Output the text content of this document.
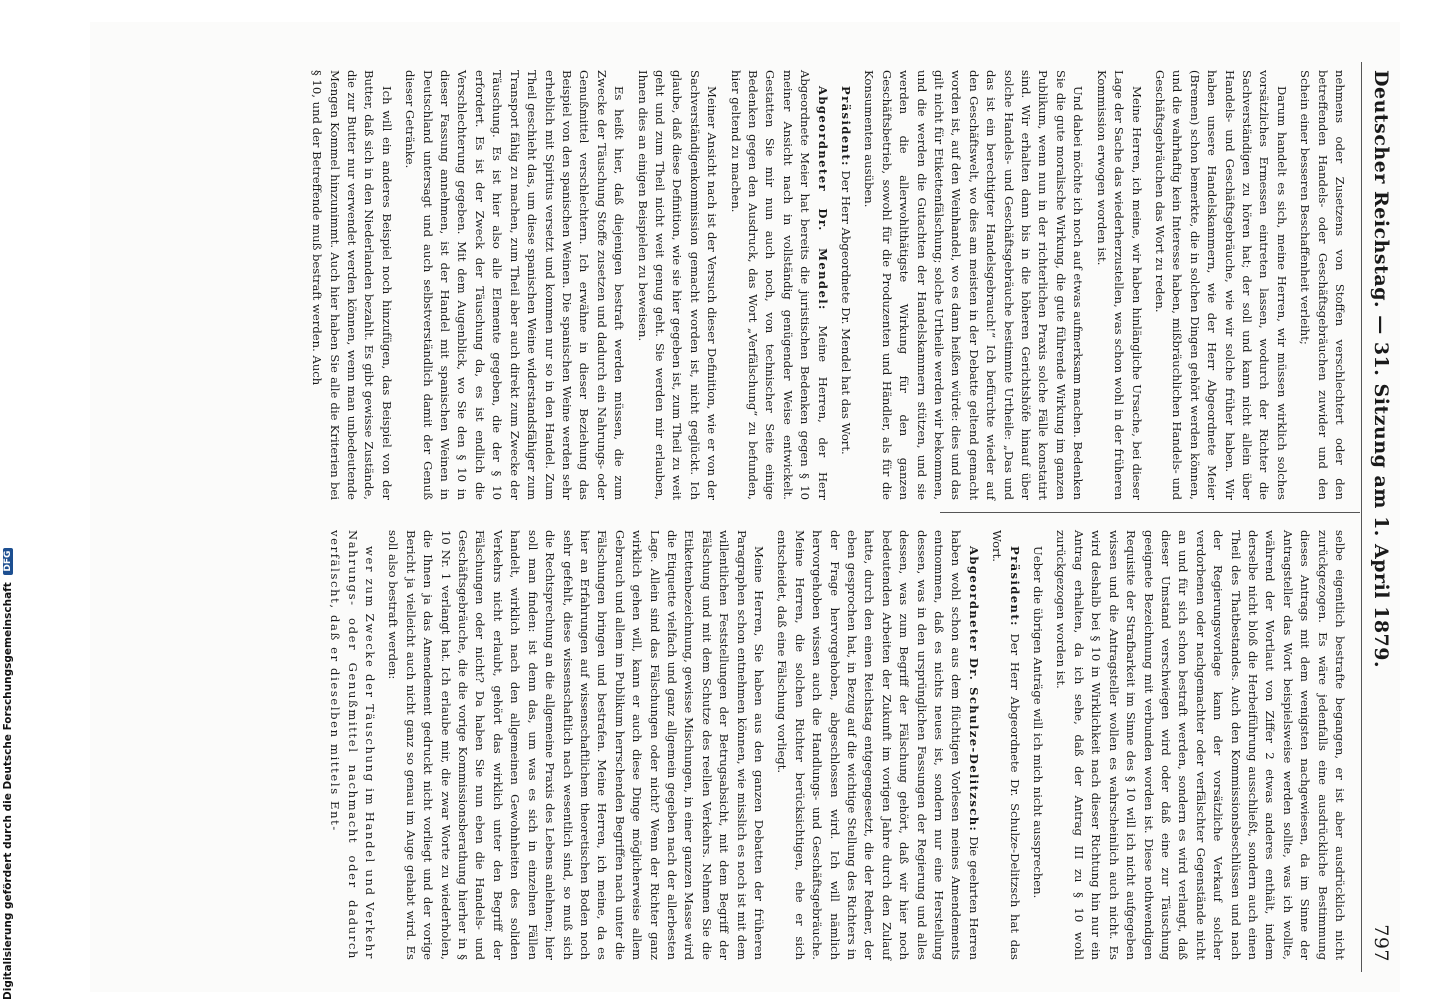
Deutscher Reichstag. — 31. Sitzung am 1. April 1879.
797

nehmens oder Zusetzens von Stoffen verschlechtert oder den betreffenden Handels- oder Geschäftsgebräuchen zuwider und den Schein einer besseren Beschaffenheit verleiht;

Darum handelt es sich, meine Herren, wir müssen wirklich solches vorsätzliches Ermessen eintreten lassen, wodurch der Richter die Sachverständigen zu hören hat; der soll und kann nicht allein über Handels- und Geschäftsgebräuche, wie wir solche früher haben. Wir haben unsere Handelskammern, wie der Herr Abgeordnete Meier (Bremen) schon bemerkte, die in solchen Dingen gehört werden können, und die wahrhaftig kein Interesse haben, mißbräuchlichen Handels- und Geschäftsgebräuchen das Wort zu reden.

Meine Herren, ich meine, wir haben hinlängliche Ursache, bei dieser Lage der Sache das wiederherzustellen, was schon wohl in der früheren Kommission erwogen worden ist.

Und dabei möchte ich noch auf etwas aufmerksam machen. Bedenken Sie die gute moralische Wirkung, die gute führende Wirkung im ganzen Publikum, wenn nun in der richterlichen Praxis solche Fälle konstatirt sind. Wir erhalten dann bis in die höheren Gerichtshöfe hinauf über solche Handels- und Geschäftsgebräuche bestimmte Urtheile: „Das und das ist ein berechtigter Handelsgebrauch!“ Ich befürchte wieder auf den Geschäftswelt, wo dies am meisten in der Debatte geltend gemacht worden ist, auf den Weinhandel, wo es dann heißen würde: dies und das gilt nicht für Etikettenfälschung; solche Urtheile werden wir bekommen, und die werden die Gutachten der Handelskammern stützen, und sie werden die allerwohlthätigste Wirkung für den ganzen Geschäftsbetrieb, sowohl für die Produzenten und Händler, als für die Konsumenten ausüben.

Präsident: Der Herr Abgeordnete Dr. Mendel hat das Wort.

Abgeordneter Dr. Mendel: Meine Herren, der Herr Abgeordnete Meier hat bereits die juristischen Bedenken gegen § 10 meiner Ansicht nach in vollständig genügender Weise entwickelt. Gestatten Sie mir nun auch noch, von technischer Seite einige Bedenken gegen den Ausdruck, das Wort „Verfälschung“ zu befunden, hier geltend zu machen.

Meiner Ansicht nach ist der Versuch dieser Definition, wie er von der Sachverständigenkommission gemacht worden ist, nicht geglückt. Ich glaube, daß diese Definition, wie sie hier gegeben ist, zum Theil zu weit geht und zum Theil nicht weit genug geht. Sie werden mir erlauben, Ihnen dies an einigen Beispielen zu beweisen.

Es heißt hier, daß diejenigen bestraft werden müssen, die zum Zwecke der Täuschung Stoffe zusetzen und dadurch ein Nahrungs- oder Genußmittel verschlechtern. Ich erwähne in dieser Beziehung das Beispiel von den spanischen Weinen. Die spanischen Weine werden sehr erheblich mit Spiritus versetzt und kommen nur so in den Handel. Zum Theil geschieht das, um diese spanischen Weine widerstandsfähiger zum Transport fähig zu machen, zum Theil aber auch direkt zum Zwecke der Täuschung. Es ist hier also alle Elemente gegeben, die der § 10 erfordert. Es ist der Zweck der Täuschung da, es ist endlich die Verschlechterung gegeben. Mit dem Augenblick, wo Sie den § 10 in dieser Fassung annehmen, ist der Handel mit spanischen Weinen in Deutschland untersagt und auch selbstverständlich damit der Genuß dieser Getränke.

Ich will ein anderes Beispiel noch hinzufügen, das Beispiel von der Butter, daß sich in den Niederlanden bezahlt. Es gibt gewisse Zustände, die zur Butter nur verwendet werden können, wenn man unbedeutende Mengen Kommel hinzunimmt. Auch hier haben Sie alle die Kriterien bei § 10, und der Betreffende muß bestraft werden. Auch

selbe eigentlich bestrafte begangen, er ist aber ausdrücklich nicht zurückgezogen. Es wäre jedenfalls eine ausdrückliche Bestimmung dieses Antrags mit dem wenigsten nachgewiesen, da im Sinne der Antragsteller das Wort beispielsweise werden sollte, was ich wollte, während der Wortlaut von Ziffer 2 etwas anderes enthält, indem derselbe nicht bloß die Herbeiführung ausschließt, sondern auch einen Theil des Thatbestandes. Auch den Kommissionsbeschlüssen und nach der Regierungsvorlage kann der vorsätzliche Verkauf solcher verdorbenen oder nachgemachter oder verfälschter Gegenstände nicht an und für sich schon bestraft werden, sondern es wird verlangt, daß dieser Umstand verschwiegen wird oder daß eine zur Täuschung geeignete Bezeichnung mit verbunden worden ist. Diese nothwendigen Requisite der Strafbarkeit im Sinne des § 10 will ich nicht aufgegeben wissen und die Antragsteller wollen es wahrscheinlich auch nicht. Es wird deshalb bei § 10 in Wirklichkeit nach dieser Richtung hin nur ein Antrag erhalten, da ich sehe, daß der Antrag III zu § 10 wohl zurückgezogen worden ist.

Ueber die übrigen Anträge will ich mich nicht aussprechen.

Präsident: Der Herr Abgeordnete Dr. Schulze-Delitzsch hat das Wort.

Abgeordneter Dr. Schulze-Delitzsch: Die geehrten Herren haben wohl schon aus dem flüchtigen Vorlesen meines Amendements entnommen, daß es nichts neues ist, sondern nur eine Herstellung dessen, was in den ursprünglichen Fassungen der Regierung und alles dessen, was zum Begriff der Fälschung gehört, daß wir hier noch bedeutenden Arbeiten der Zukunft im vorigen Jahre durch den Zulauf hatte, durch den einen Reichstag entgegengesetzt, die der Redner, der eben gesprochen hat, in Bezug auf die wichtige Stellung des Richters in der Frage hervorgehoben, abgeschlossen wird. Ich will nämlich hervorgehoben wissen auch die Handlungs- und Geschäftsgebräuche. Meine Herren, die solchen Richter berücksichtigen, ehe er sich entscheidet, daß eine Fälschung vorliegt.

Meine Herren, Sie haben aus den ganzen Debatten der früheren Paragraphen schon entnehmen können, wie misslich es noch ist mit dem willentlichen Feststellungen der Betrugsabsicht, mit dem Begriff der Fälschung und mit dem Schutze des reellen Verkehrs. Nehmen Sie die Etikettenbezeichnung, gewisse Mischungen, in einer ganzen Masse wird die Etiquette vielfach und ganz allgemein gegeben nach der allerbesten Lage. Allein sind das Fälschungen oder nicht? Wenn der Richter ganz wirklich gehen will, kann er auch diese Dinge möglicherweise allem Gebrauch und allem im Publikum herrschenden Begriffen nach unter die Fälschungen bringen und bestrafen. Meine Herren, ich meine, da es hier an Erfahrungen auf wissenschaftlichem theoretischen Boden noch sehr gefehlt, diese wissenschaftlich nach wesentlich sind, so muß sich die Rechtsprechung an die allgemeine Praxis des Lebens anlehnen; hier soll man finden: ist denn das, um was es sich in einzelnen Fällen handelt, wirklich nach den allgemeinen Gewohnheiten des soliden Verkehrs nicht erlaubt, gehört das wirklich unter den Begriff der Fälschungen oder nicht? Da haben Sie nun eben die Handels- und Geschäftsgebräuche, die die vorige Kommissionsberathung hierher in § 10 Nr. 1 verlangt hat. Ich erlaube mir, die zwar Worte zu wiederholen, die Ihnen ja das Amendement gedruckt nicht vorliegt und der vorige Bericht ja vielleicht auch nicht ganz so genau im Auge gehabt wird. Es soll also bestraft werden:

wer zum Zwecke der Täuschung im Handel und Verkehr Nahrungs- oder Genußmittel nachmacht oder dadurch verfälscht, daß er dieselben mittels Ent-

Digitalisierung gefördert durch die Deutsche Forschungsgemeinschaft DFG
